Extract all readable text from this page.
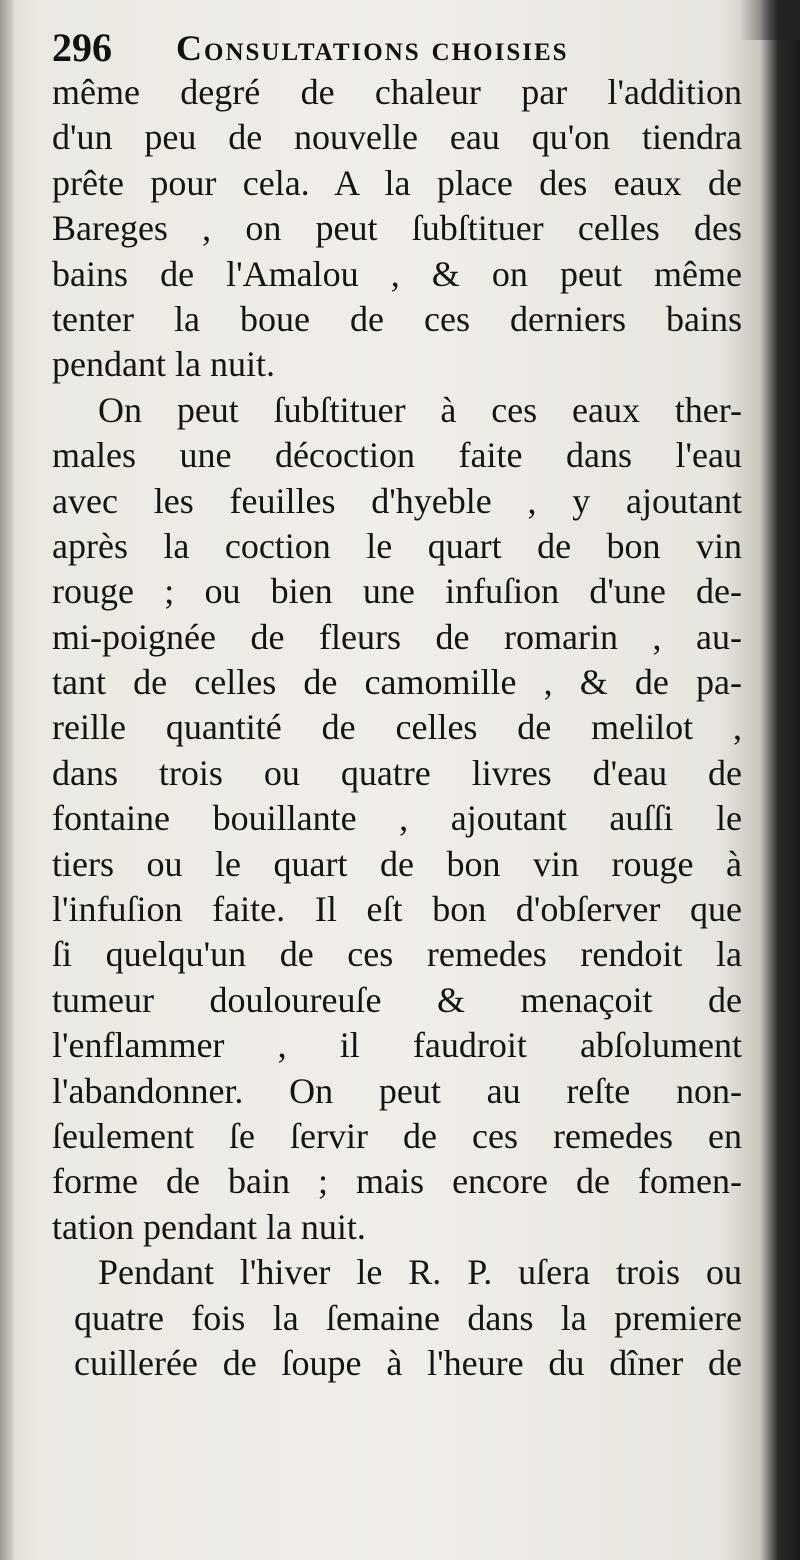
296 Consultations choisies
même degré de chaleur par l'addition
d'un peu de nouvelle eau qu'on tiendra
prête pour cela. A la place des eaux de
Bareges , on peut ſubſtituer celles des
bains de l'Amalou , & on peut même
tenter la boue de ces derniers bains
pendant la nuit.
On peut ſubſtituer à ces eaux ther-
males une décoction faite dans l'eau
avec les feuilles d'hyeble , y ajoutant
après la coction le quart de bon vin
rouge ; ou bien une infuſion d'une de-
mi-poignée de fleurs de romarin , au-
tant de celles de camomille , & de pa-
reille quantité de celles de melilot ,
dans trois ou quatre livres d'eau de
fontaine bouillante , ajoutant auſſi le
tiers ou le quart de bon vin rouge à
l'infuſion faite. Il eſt bon d'obſerver que
ſi quelqu'un de ces remedes rendoit la
tumeur douloureuſe & menaçoit de
l'enflammer , il faudroit abſolument
l'abandonner. On peut au reſte non-
ſeulement ſe ſervir de ces remedes en
forme de bain ; mais encore de fomen-
tation pendant la nuit.
Pendant l'hiver le R. P. uſera trois ou
quatre fois la ſemaine dans la premiere
cuillerée de ſoupe à l'heure du dîner de
